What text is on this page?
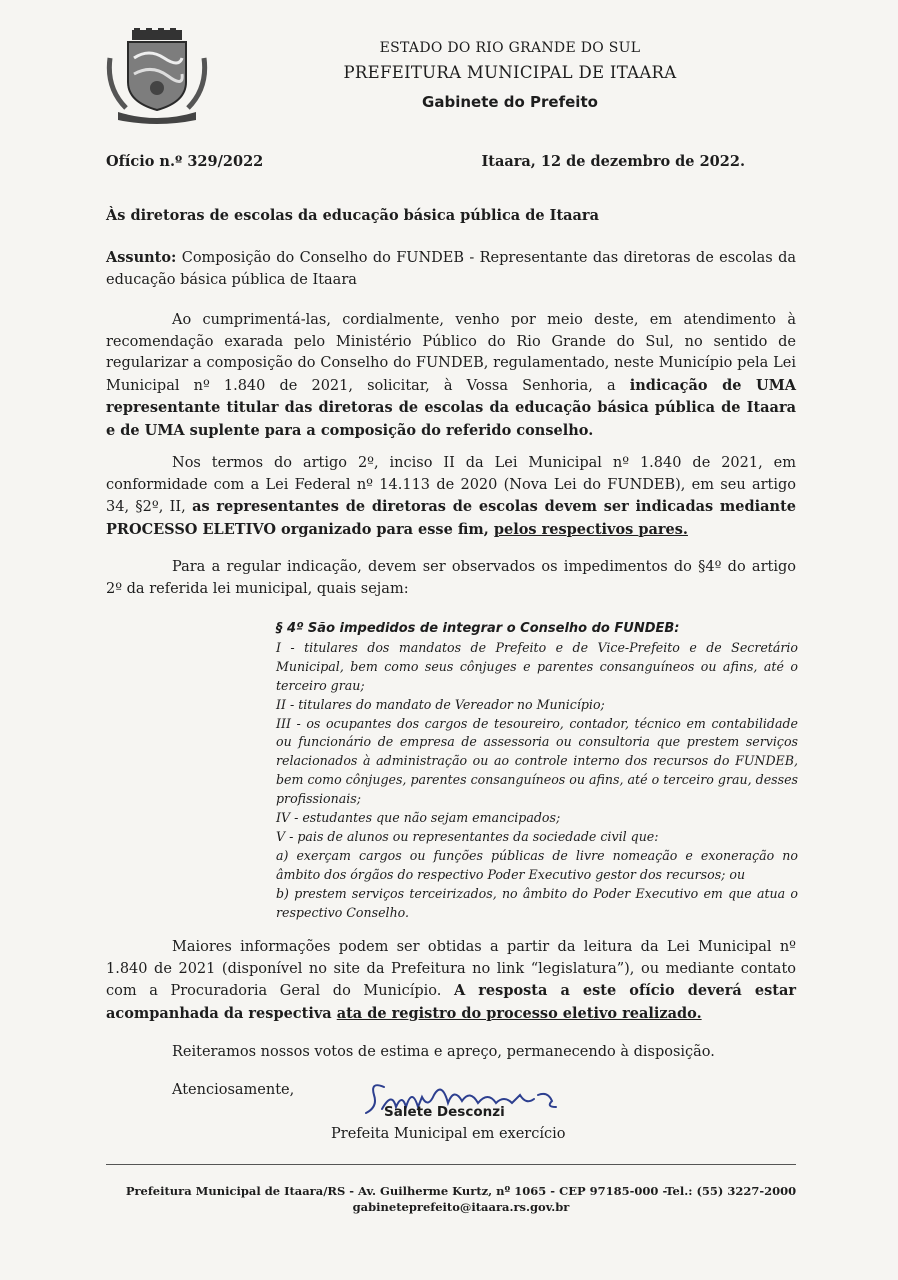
ESTADO DO RIO GRANDE DO SUL
PREFEITURA MUNICIPAL DE ITAARA
Gabinete do Prefeito
Ofício n.º 329/2022	Itaara, 12 de dezembro de 2022.
Às diretoras de escolas da educação básica pública de Itaara
Assunto: Composição do Conselho do FUNDEB - Representante das diretoras de escolas da educação básica pública de Itaara
Ao cumprimentá-las, cordialmente, venho por meio deste, em atendimento à recomendação exarada pelo Ministério Público do Rio Grande do Sul, no sentido de regularizar a composição do Conselho do FUNDEB, regulamentado, neste Município pela Lei Municipal nº 1.840 de 2021, solicitar, à Vossa Senhoria, a indicação de UMA representante titular das diretoras de escolas da educação básica pública de Itaara e de UMA suplente para a composição do referido conselho.
Nos termos do artigo 2º, inciso II da Lei Municipal nº 1.840 de 2021, em conformidade com a Lei Federal nº 14.113 de 2020 (Nova Lei do FUNDEB), em seu artigo 34, §2º, II, as representantes de diretoras de escolas devem ser indicadas mediante PROCESSO ELETIVO organizado para esse fim, pelos respectivos pares.
Para a regular indicação, devem ser observados os impedimentos do §4º do artigo 2º da referida lei municipal, quais sejam:
§ 4º São impedidos de integrar o Conselho do FUNDEB:
I - titulares dos mandatos de Prefeito e de Vice-Prefeito e de Secretário Municipal, bem como seus cônjuges e parentes consanguíneos ou afins, até o terceiro grau;
II - titulares do mandato de Vereador no Município;
III - os ocupantes dos cargos de tesoureiro, contador, técnico em contabilidade ou funcionário de empresa de assessoria ou consultoria que prestem serviços relacionados à administração ou ao controle interno dos recursos do FUNDEB, bem como cônjuges, parentes consanguíneos ou afins, até o terceiro grau, desses profissionais;
IV - estudantes que não sejam emancipados;
V - pais de alunos ou representantes da sociedade civil que:
a) exerçam cargos ou funções públicas de livre nomeação e exoneração no âmbito dos órgãos do respectivo Poder Executivo gestor dos recursos; ou
b) prestem serviços terceirizados, no âmbito do Poder Executivo em que atua o respectivo Conselho.
Maiores informações podem ser obtidas a partir da leitura da Lei Municipal nº 1.840 de 2021 (disponível no site da Prefeitura no link “legislatura”), ou mediante contato com a Procuradoria Geral do Município. A resposta a este ofício deverá estar acompanhada da respectiva ata de registro do processo eletivo realizado.
Reiteramos nossos votos de estima e apreço, permanecendo à disposição.
Atenciosamente,
Salete Desconzi
Prefeita Municipal em exercício
Prefeitura Municipal de Itaara/RS - Av. Guilherme Kurtz, nº 1065 - CEP 97185-000 -Tel.: (55) 3227-2000
gabineteprefeito@itaara.rs.gov.br
